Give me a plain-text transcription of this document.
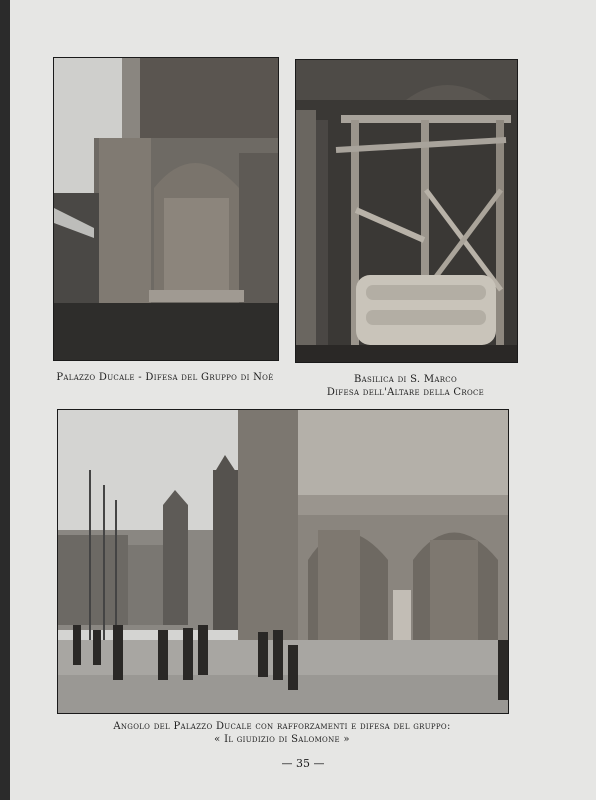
Palazzo Ducale - Difesa del Gruppo di Noè	Basilica di S. Marco
Difesa dell'Altare della Croce
Angolo del Palazzo Ducale con rafforzamenti e difesa del gruppo:
« Il giudizio di Salomone »
— 35 —
